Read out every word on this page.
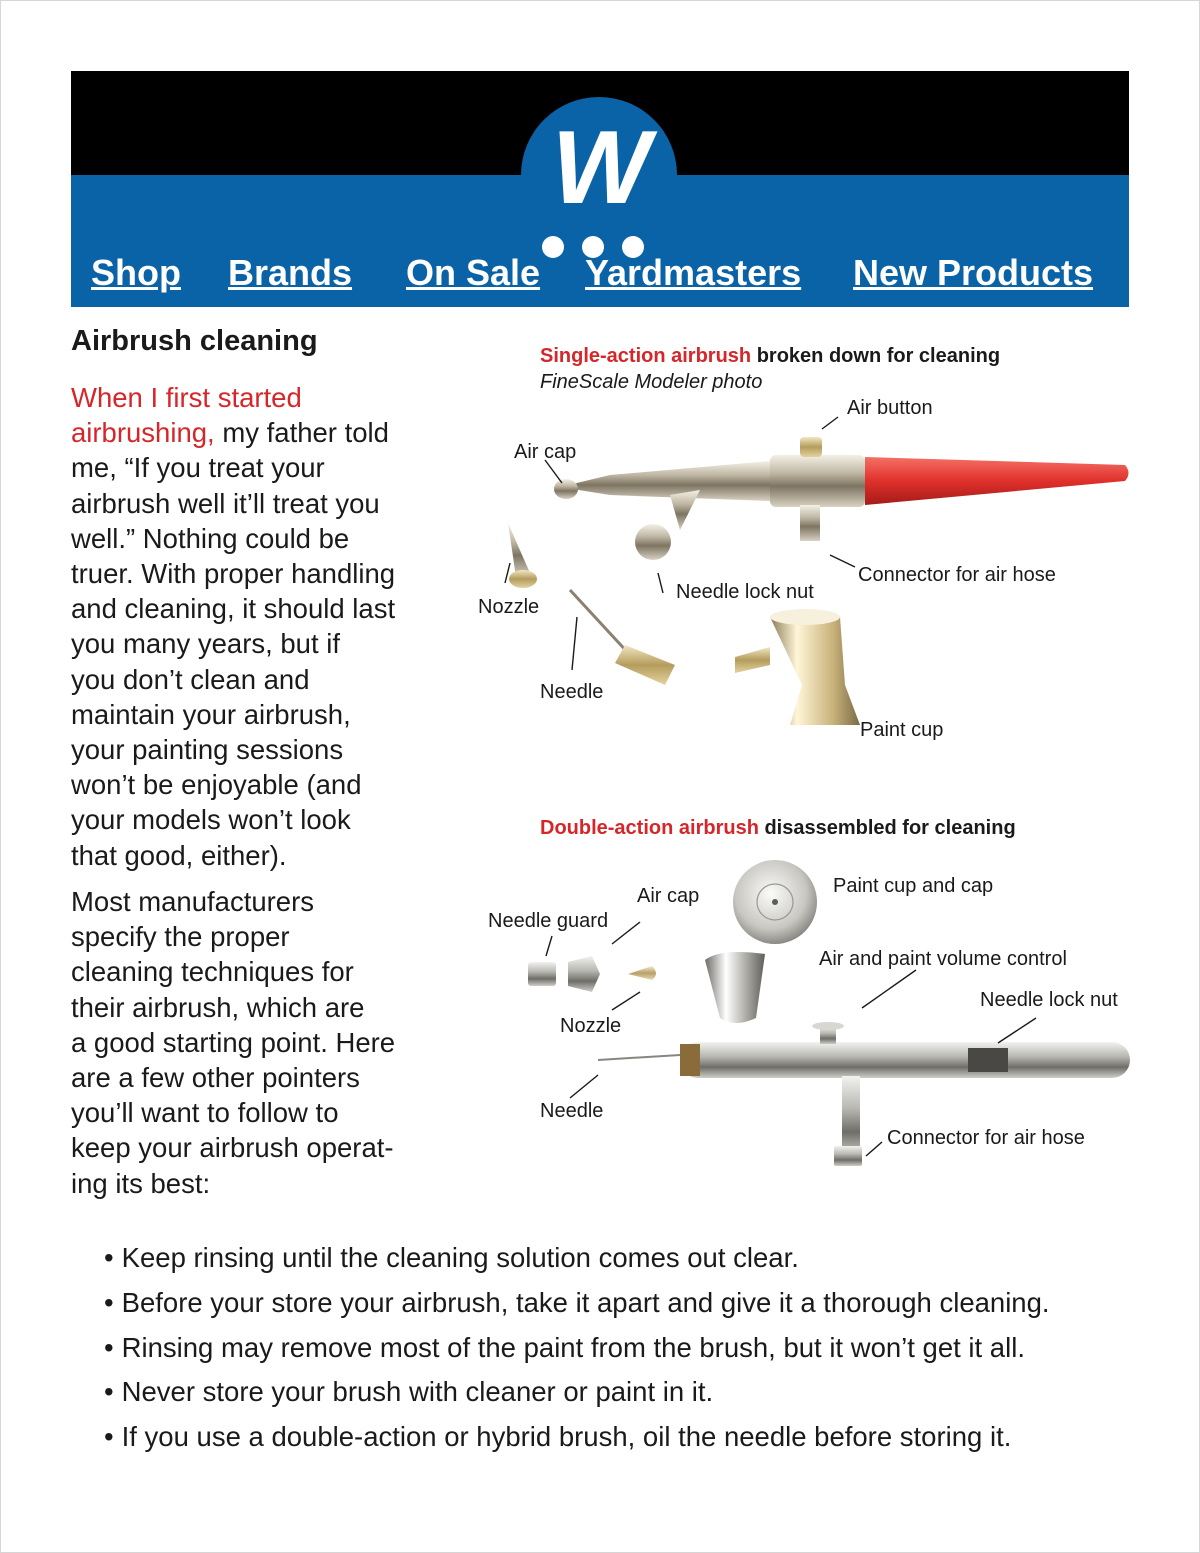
W
Shop Brands On Sale Yardmasters New Products
Airbrush cleaning
When I first started
airbrushing, my father told
me, “If you treat your
airbrush well it’ll treat you
well.” Nothing could be
truer. With proper handling
and cleaning, it should last
you many years, but if
you don’t clean and
maintain your airbrush,
your painting sessions
won’t be enjoyable (and
your models won’t look
that good, either).
Most manufacturers
specify the proper
cleaning techniques for
their airbrush, which are
a good starting point. Here
are a few other pointers
you’ll want to follow to
keep your airbrush operat-
ing its best:
Single-action airbrush broken down for cleaning
FineScale Modeler photo
Air button
Air cap
Nozzle
Needle lock nut
Connector for air hose
Needle
Paint cup
Double-action airbrush disassembled for cleaning
Paint cup and cap
Air cap
Needle guard
Air and paint volume control
Needle lock nut
Nozzle
Needle
Connector for air hose
• Keep rinsing until the cleaning solution comes out clear.
• Before your store your airbrush, take it apart and give it a thorough cleaning.
• Rinsing may remove most of the paint from the brush, but it won’t get it all.
• Never store your brush with cleaner or paint in it.
• If you use a double-action or hybrid brush, oil the needle before storing it.
